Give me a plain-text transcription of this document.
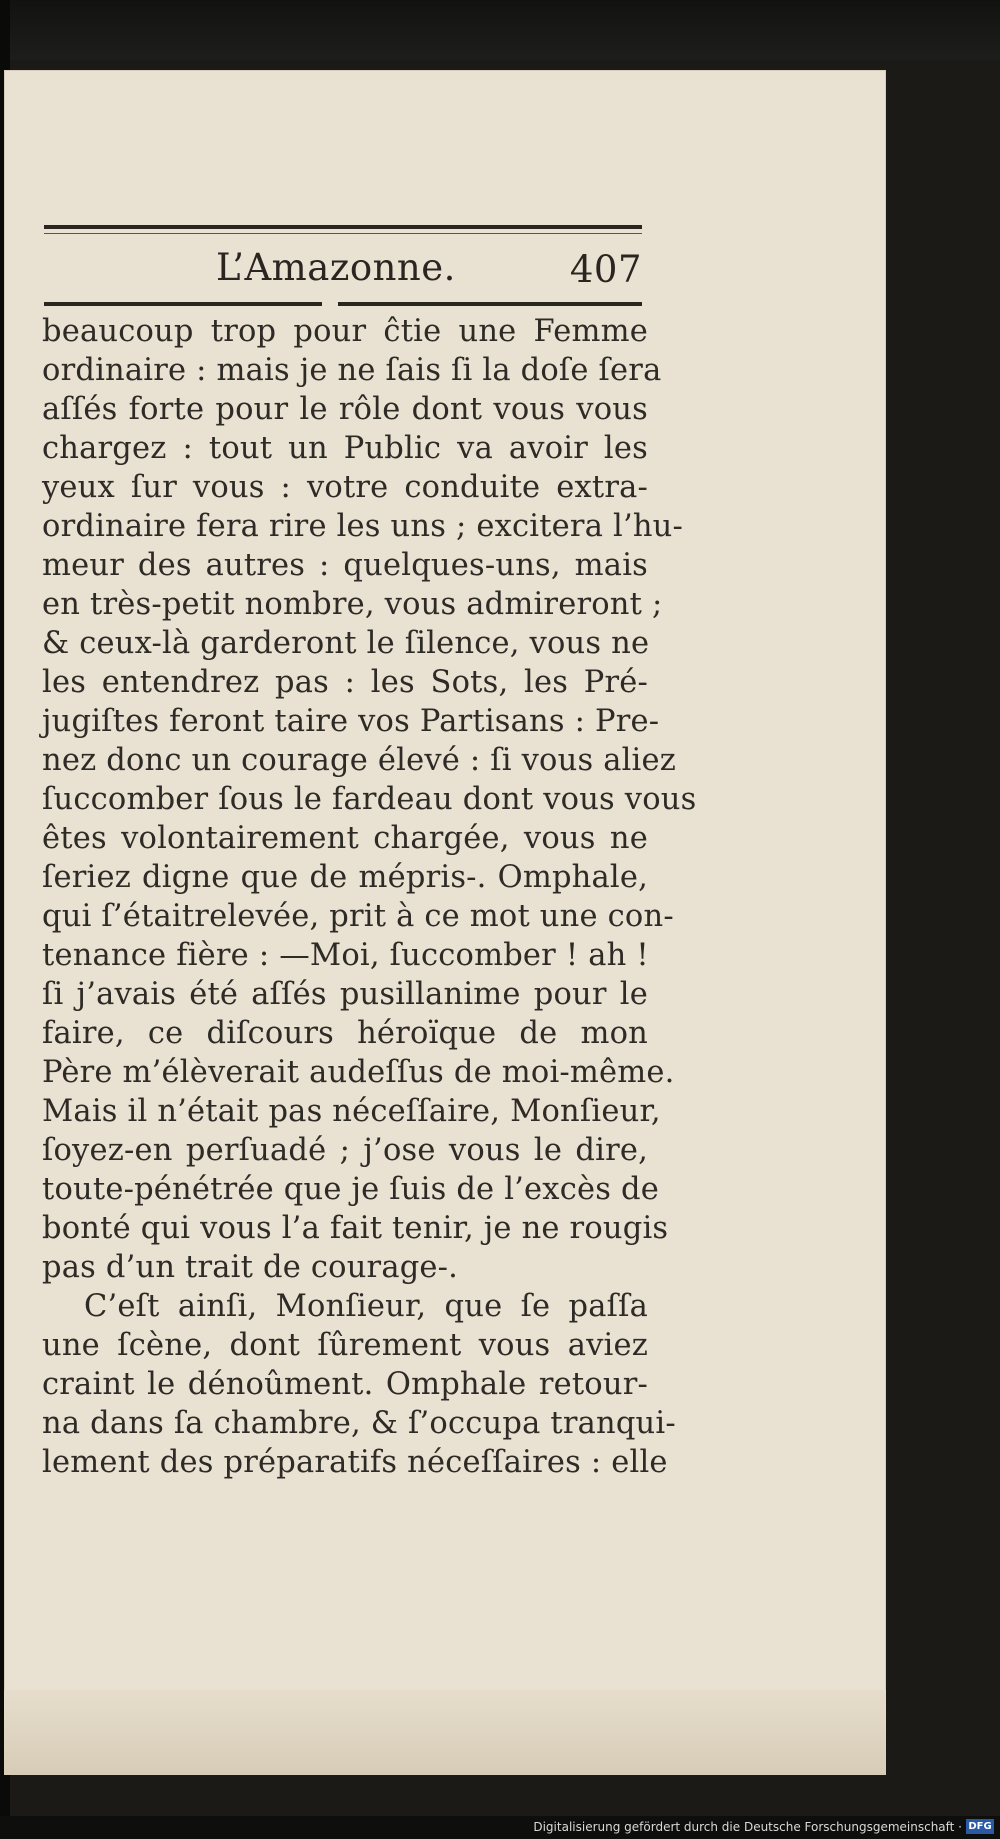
L’Amazonne.	407
beaucoup trop pour ĉtie une Femme
ordinaire : mais je ne ſais ſi la doſe ſera
aſſés forte pour le rôle dont vous vous
chargez : tout un Public va avoir les
yeux ſur vous : votre conduite extra-
ordinaire fera rire les uns ; excitera l’hu-
meur des autres : quelques-uns, mais
en très-petit nombre, vous admireront ;
& ceux-là garderont le ſilence, vous ne
les entendrez pas : les Sots, les Pré-
jugiſtes feront taire vos Partisans : Pre-
nez donc un courage élevé : ſi vous aliez
ſuccomber ſous le fardeau dont vous vous
êtes volontairement chargée, vous ne
ſeriez digne que de mépris-. Omphale,
qui ſ’étaitrelevée, prit à ce mot une con-
tenance fière : —Moi, ſuccomber ! ah !
ſi j’avais été aſſés pusillanime pour le
faire, ce diſcours héroïque de mon
Père m’élèverait audeſſus de moi-même.
Mais il n’était pas néceſſaire, Monſieur,
ſoyez-en perſuadé ; j’ose vous le dire,
toute-pénétrée que je ſuis de l’excès de
bonté qui vous l’a fait tenir, je ne rougis
pas d’un trait de courage-.
C’eſt ainſi, Monſieur, que ſe paſſa
une ſcène, dont ſûrement vous aviez
craint le dénoûment. Omphale retour-
na dans ſa chambre, & ſ’occupa tranqui-
lement des préparatifs néceſſaires : elle
Digitalisierung gefördert durch die Deutsche Forschungsgemeinschaft · DFG
